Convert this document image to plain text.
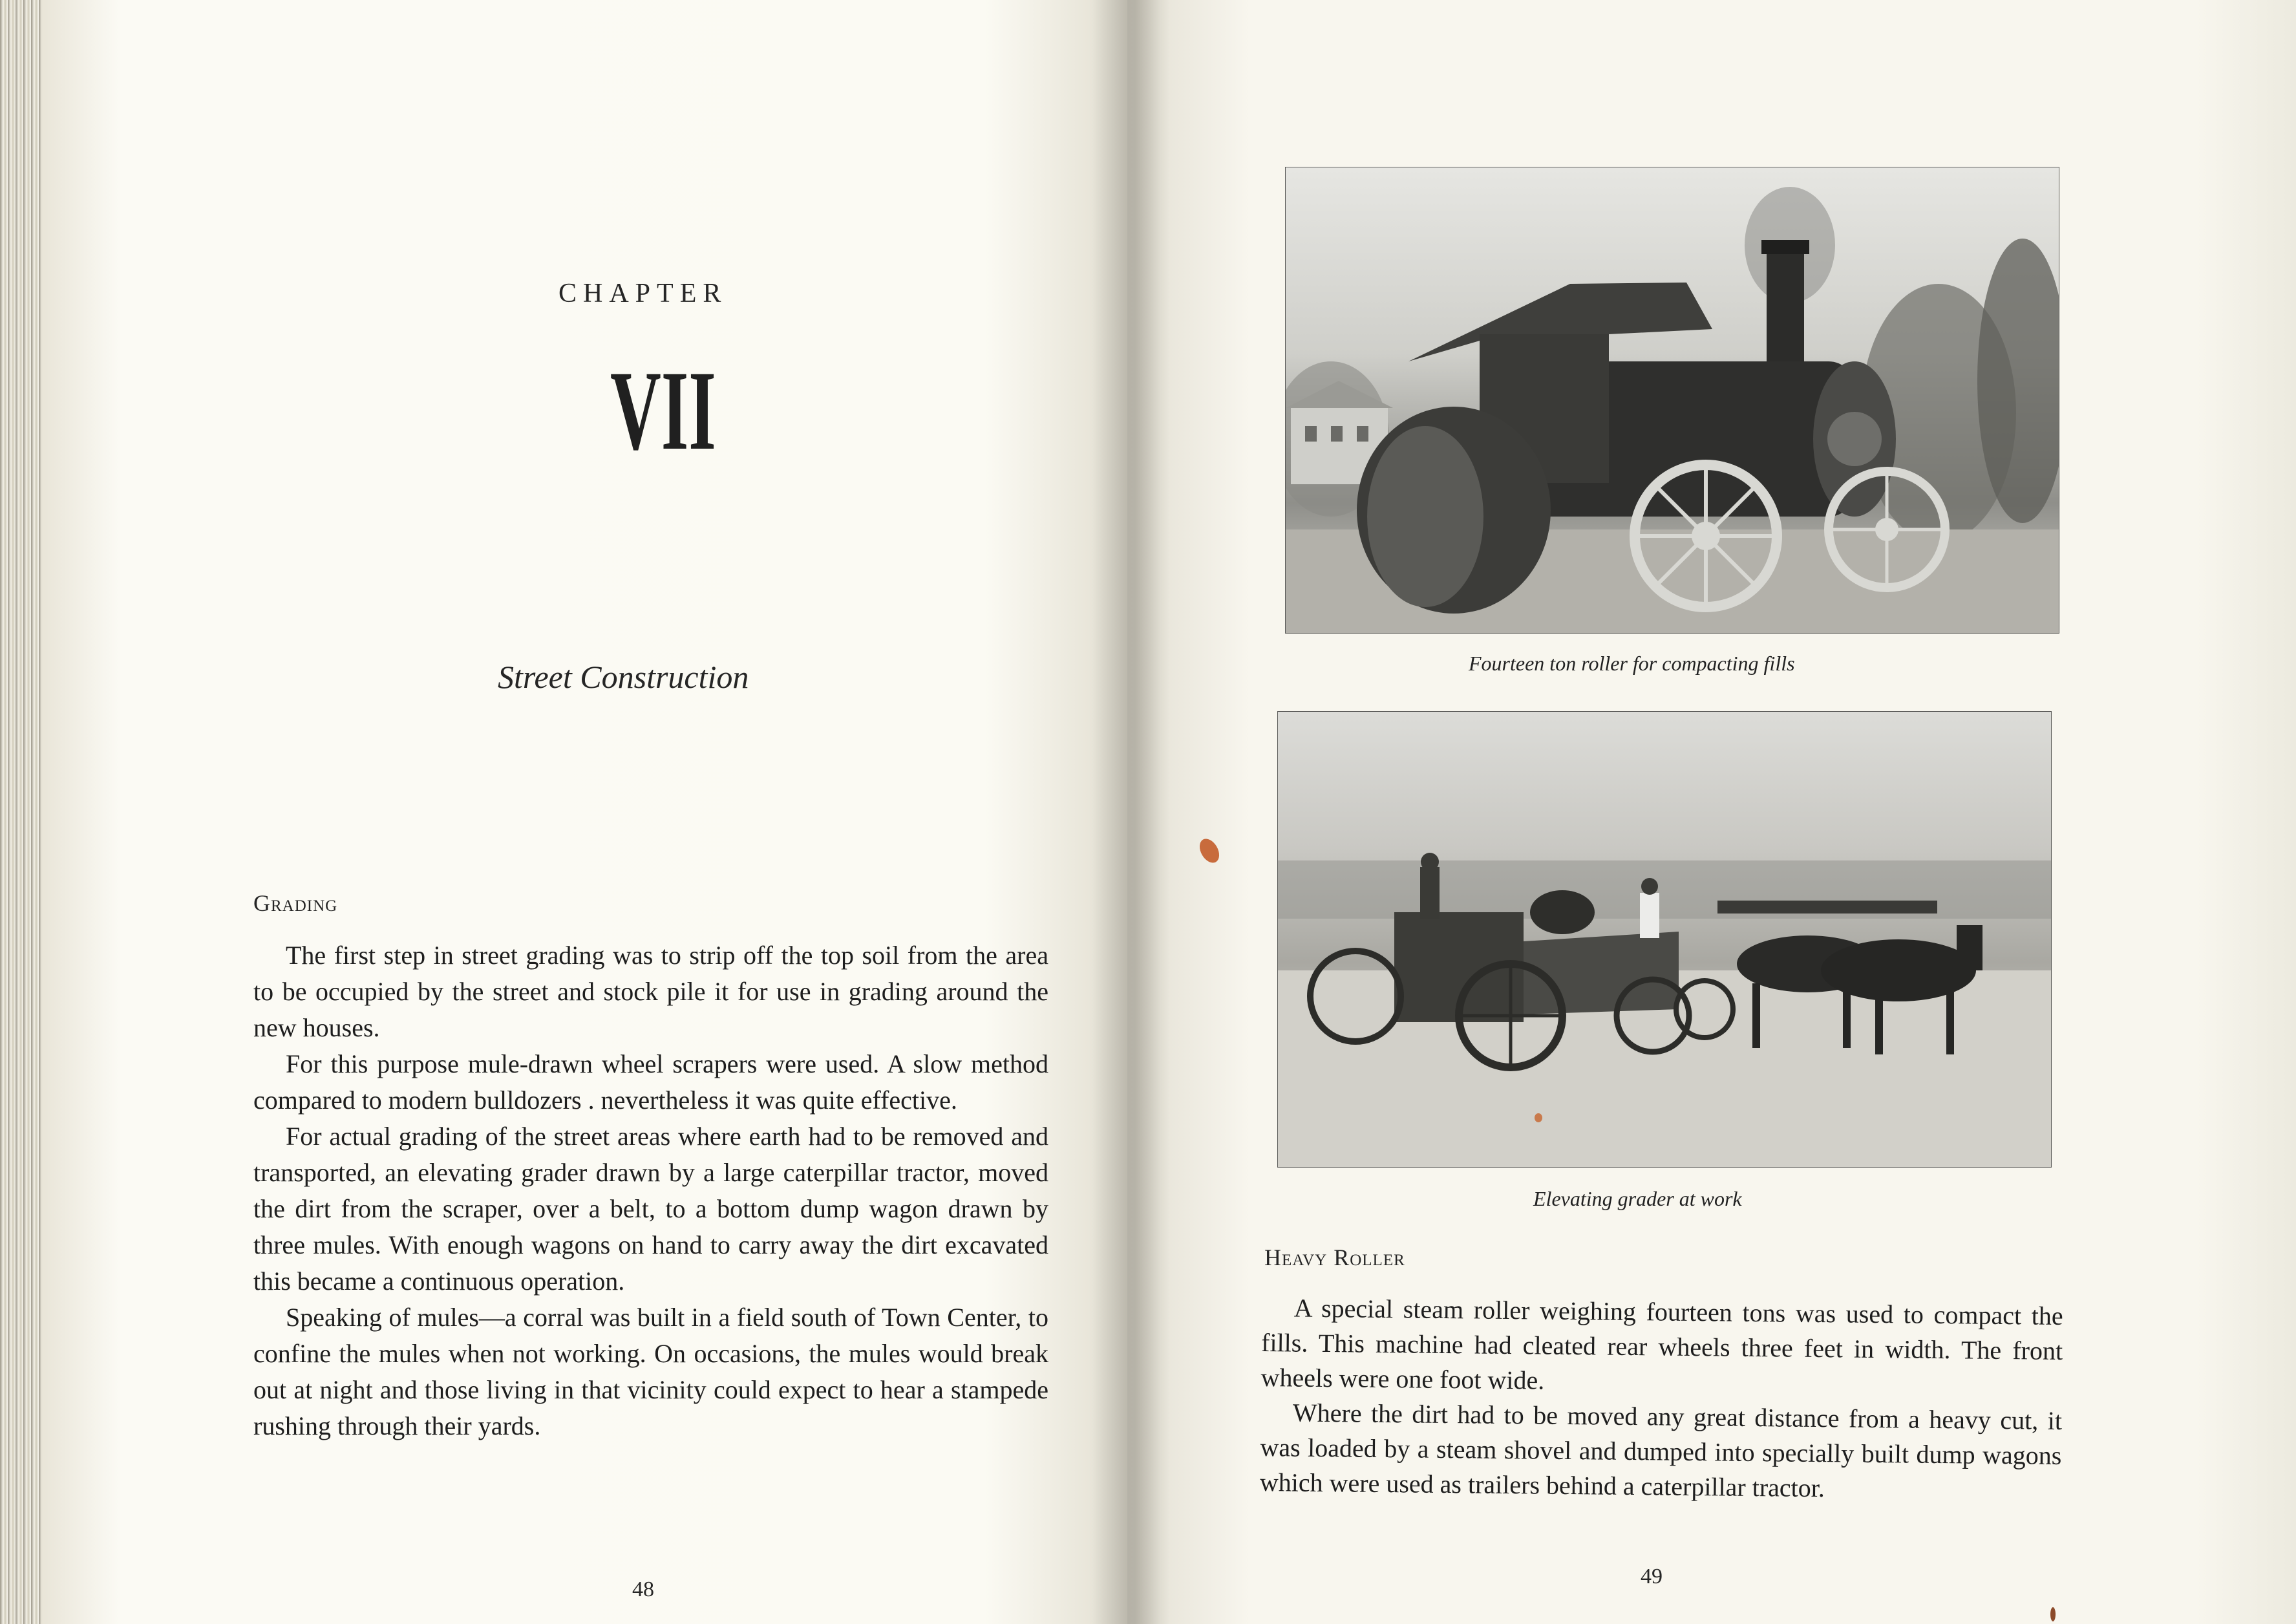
CHAPTER
VII
Street Construction
Grading

The first step in street grading was to strip off the top soil from the area to be occupied by the street and stock pile it for use in grading around the new houses.

For this purpose mule-drawn wheel scrapers were used. A slow method compared to modern bulldozers . nevertheless it was quite effective.

For actual grading of the street areas where earth had to be removed and transported, an elevating grader drawn by a large caterpillar tractor, moved the dirt from the scraper, over a belt, to a bottom dump wagon drawn by three mules. With enough wagons on hand to carry away the dirt excavated this became a continuous operation.

Speaking of mules—a corral was built in a field south of Town Center, to confine the mules when not working. On occasions, the mules would break out at night and those living in that vicinity could expect to hear a stampede rushing through their yards.

48
Fourteen ton roller for compacting fills
Elevating grader at work
Heavy Roller

A special steam roller weighing fourteen tons was used to compact the fills. This machine had cleated rear wheels three feet in width. The front wheels were one foot wide.

Where the dirt had to be moved any great distance from a heavy cut, it was loaded by a steam shovel and dumped into specially built dump wagons which were used as trailers behind a caterpillar tractor.

49
